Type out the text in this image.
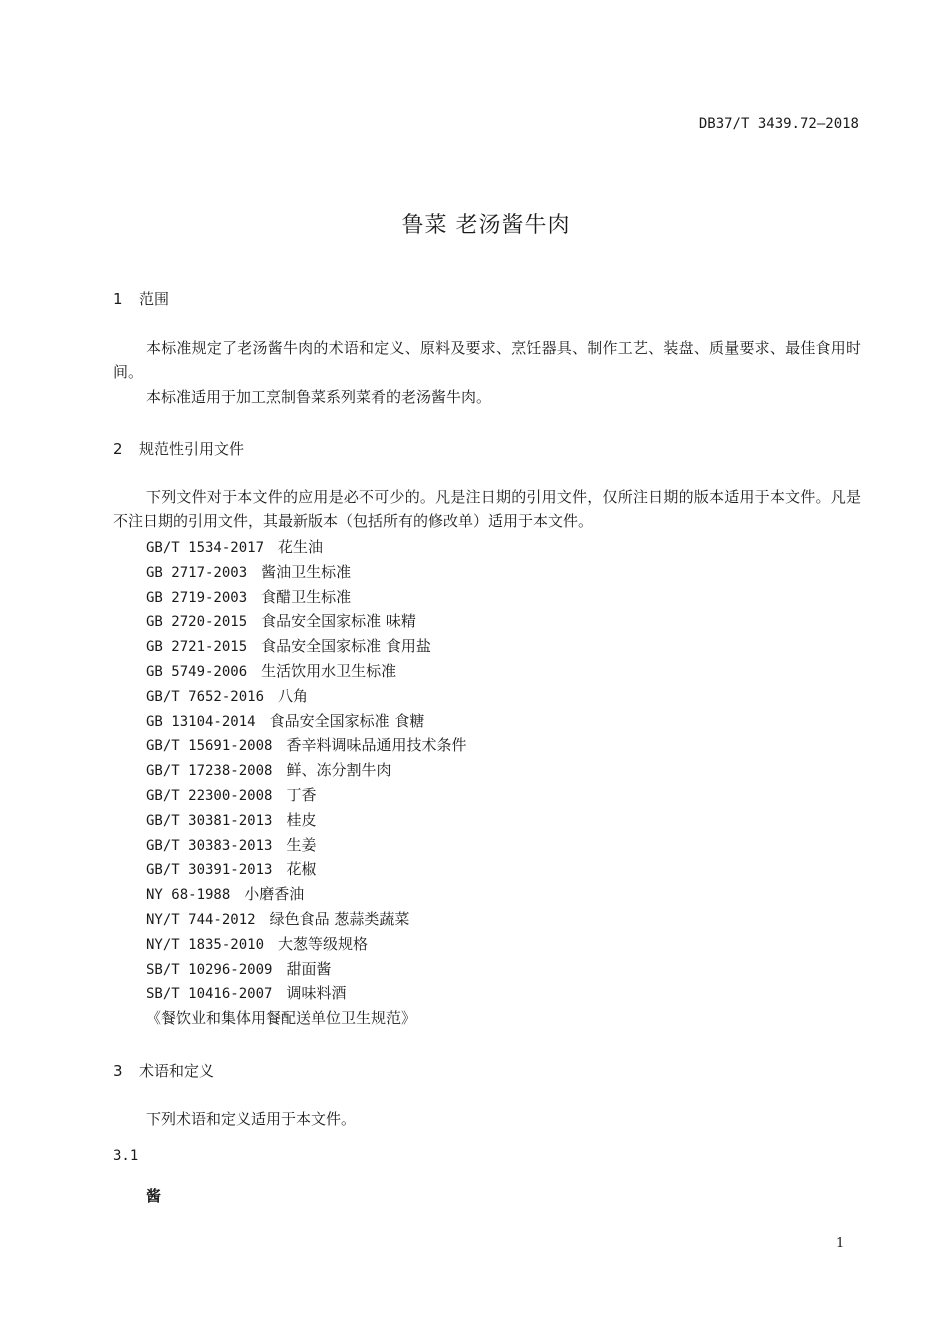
DB37/T 3439.72—2018
鲁菜 老汤酱牛肉
1 范围
本标准规定了老汤酱牛肉的术语和定义、原料及要求、烹饪器具、制作工艺、装盘、质量要求、最佳食用时间。
本标准适用于加工烹制鲁菜系列菜肴的老汤酱牛肉。
2 规范性引用文件
下列文件对于本文件的应用是必不可少的。凡是注日期的引用文件，仅所注日期的版本适用于本文件。凡是不注日期的引用文件，其最新版本（包括所有的修改单）适用于本文件。
GB/T 1534-2017 花生油
GB 2717-2003 酱油卫生标准
GB 2719-2003 食醋卫生标准
GB 2720-2015 食品安全国家标准 味精
GB 2721-2015 食品安全国家标准 食用盐
GB 5749-2006 生活饮用水卫生标准
GB/T 7652-2016 八角
GB 13104-2014 食品安全国家标准 食糖
GB/T 15691-2008 香辛料调味品通用技术条件
GB/T 17238-2008 鲜、冻分割牛肉
GB/T 22300-2008 丁香
GB/T 30381-2013 桂皮
GB/T 30383-2013 生姜
GB/T 30391-2013 花椒
NY 68-1988 小磨香油
NY/T 744-2012 绿色食品 葱蒜类蔬菜
NY/T 1835-2010 大葱等级规格
SB/T 10296-2009 甜面酱
SB/T 10416-2007 调味料酒
《餐饮业和集体用餐配送单位卫生规范》
3 术语和定义
下列术语和定义适用于本文件。
3.1
酱
1
